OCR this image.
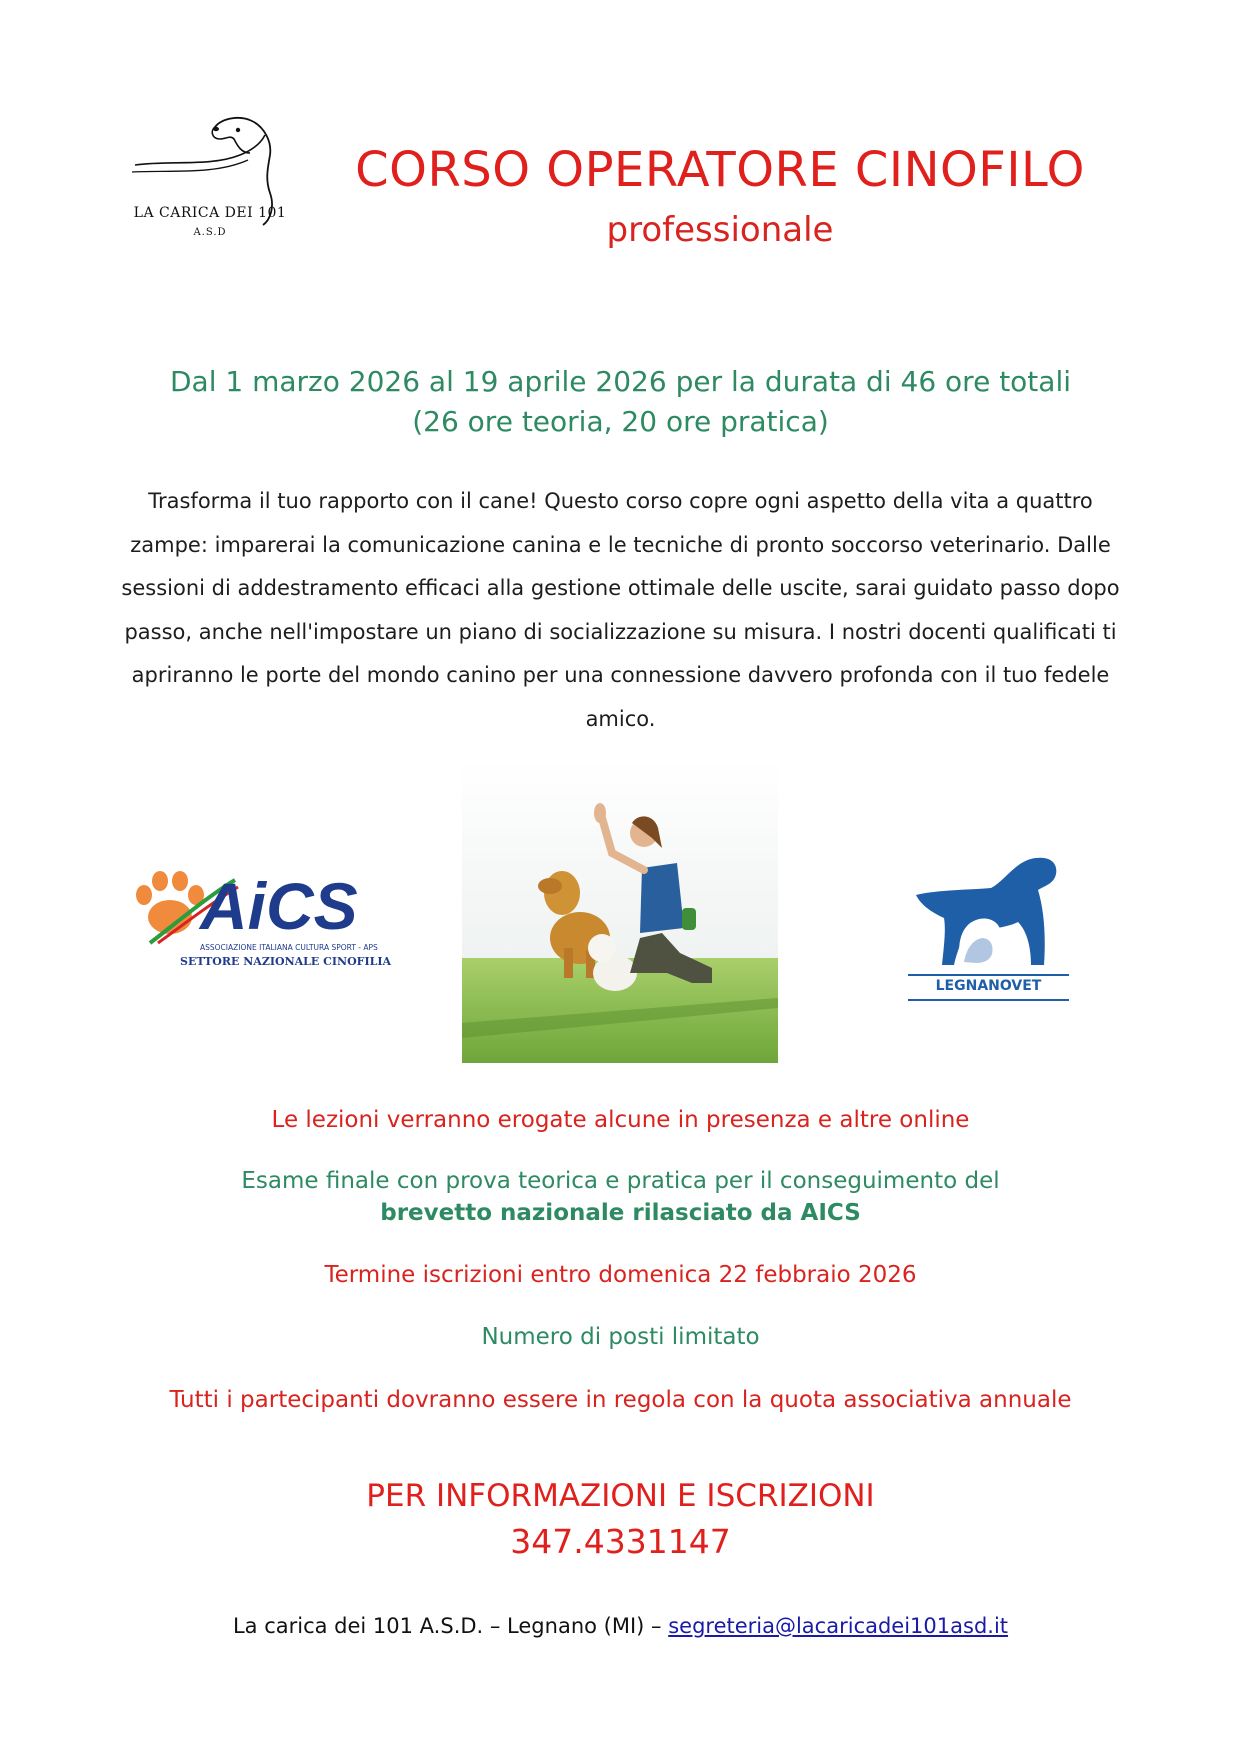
LA CARICA DEI 101
A.S.D
CORSO OPERATORE CINOFILO
professionale
Dal 1 marzo 2026 al 19 aprile 2026 per la durata di 46 ore totali
(26 ore teoria, 20 ore pratica)
Trasforma il tuo rapporto con il cane! Questo corso copre ogni aspetto della vita a quattro zampe: imparerai la comunicazione canina e le tecniche di pronto soccorso veterinario. Dalle sessioni di addestramento efficaci alla gestione ottimale delle uscite, sarai guidato passo dopo passo, anche nell'impostare un piano di socializzazione su misura. I nostri docenti qualificati ti apriranno le porte del mondo canino per una connessione davvero profonda con il tuo fedele amico.
AiCS
ASSOCIAZIONE ITALIANA CULTURA SPORT - APS
SETTORE NAZIONALE CINOFILIA
LEGNANOVET
Le lezioni verranno erogate alcune in presenza e altre online
Esame finale con prova teorica e pratica per il conseguimento del
brevetto nazionale rilasciato da AICS
Termine iscrizioni entro domenica 22 febbraio 2026
Numero di posti limitato
Tutti i partecipanti dovranno essere in regola con la quota associativa annuale
PER INFORMAZIONI E ISCRIZIONI
347.4331147
La carica dei 101 A.S.D. – Legnano (MI) – segreteria@lacaricadei101asd.it
